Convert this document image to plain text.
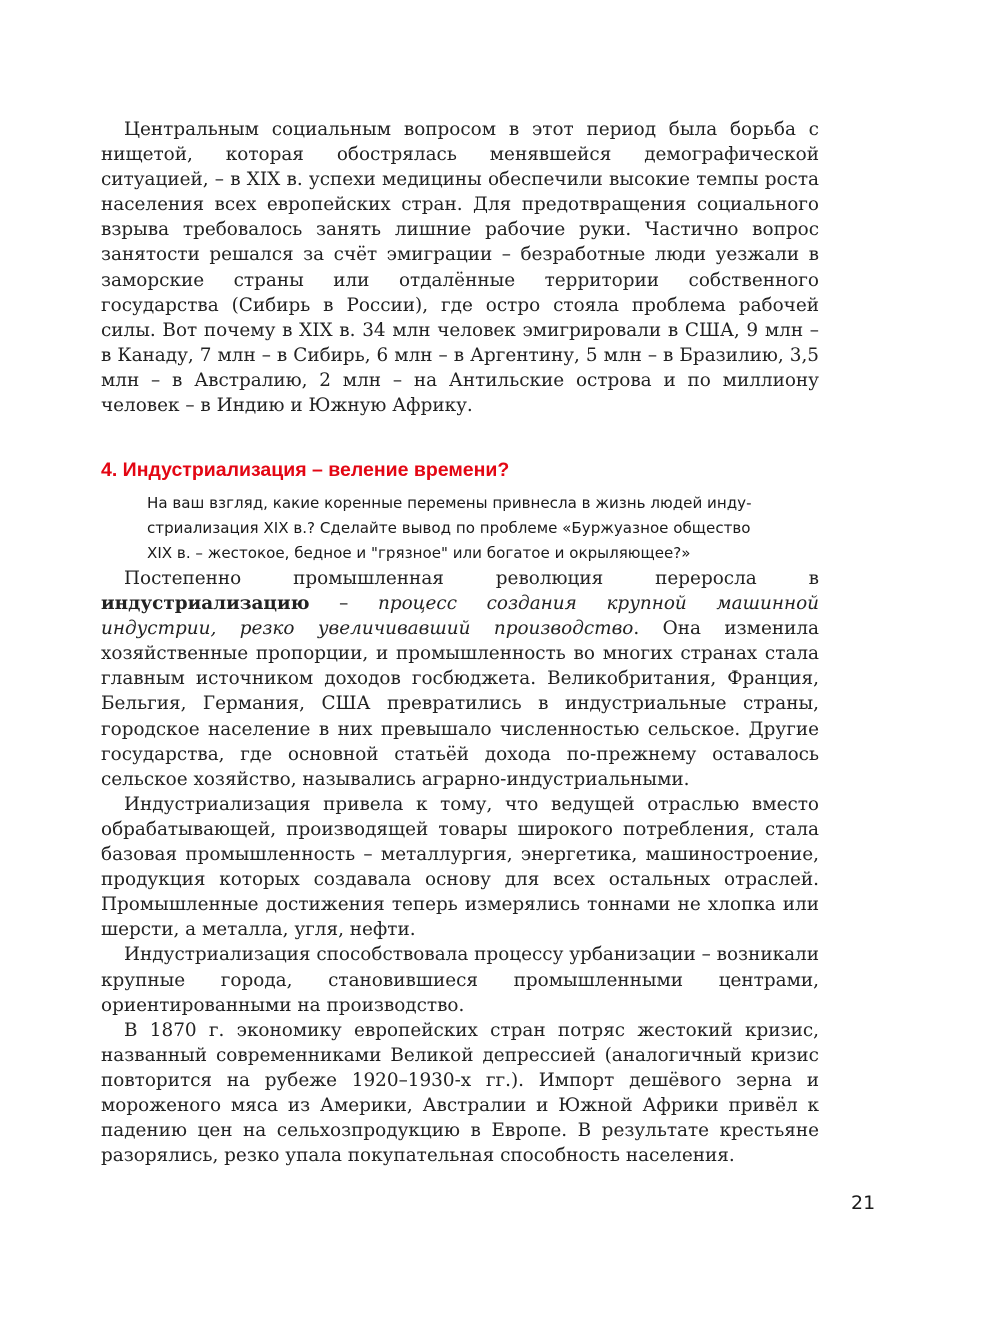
Центральным социальным вопросом в этот период была борьба с нищетой, которая обострялась менявшейся демографической ситуацией, – в XIX в. успехи медицины обеспечили высокие темпы роста населения всех европейских стран. Для предотвращения социального взрыва требовалось занять лишние рабочие руки. Частично вопрос занятости решался за счёт эмиграции – безработные люди уезжали в заморские страны или отдалённые территории собственного государства (Сибирь в России), где остро стояла проблема рабочей силы. Вот почему в XIX в. 34 млн человек эмигрировали в США, 9 млн – в Канаду, 7 млн – в Сибирь, 6 млн – в Аргентину, 5 млн – в Бразилию, 3,5 млн – в Австралию, 2 млн – на Антильские острова и по миллиону человек – в Индию и Южную Африку.

4. Индустриализация – веление времени?
На ваш взгляд, какие коренные перемены привнесла в жизнь людей инду-
стриализация XIX в.? Сделайте вывод по проблеме «Буржуазное общество
XIX в. – жестокое, бедное и "грязное" или богатое и окрыляющее?»

Постепенно промышленная революция переросла в индустриализацию – процесс создания крупной машинной индустрии, резко увеличивавший производство. Она изменила хозяйственные пропорции, и промышленность во многих странах стала главным источником доходов госбюджета. Великобритания, Франция, Бельгия, Германия, США превратились в индустриальные страны, городское население в них превышало численностью сельское. Другие государства, где основной статьёй дохода по-прежнему оставалось сельское хозяйство, назывались аграрно-индустриальными.

Индустриализация привела к тому, что ведущей отраслью вместо обрабатывающей, производящей товары широкого потребления, стала базовая промышленность – металлургия, энергетика, машиностроение, продукция которых создавала основу для всех остальных отраслей. Промышленные достижения теперь измерялись тоннами не хлопка или шерсти, а металла, угля, нефти.

Индустриализация способствовала процессу урбанизации – возникали крупные города, становившиеся промышленными центрами, ориентированными на производство.

В 1870 г. экономику европейских стран потряс жестокий кризис, названный современниками Великой депрессией (аналогичный кризис повторится на рубеже 1920–1930-х гг.). Импорт дешёвого зерна и мороженого мяса из Америки, Австралии и Южной Африки привёл к падению цен на сельхозпродукцию в Европе. В результате крестьяне разорялись, резко упала покупательная способность населения.

21
